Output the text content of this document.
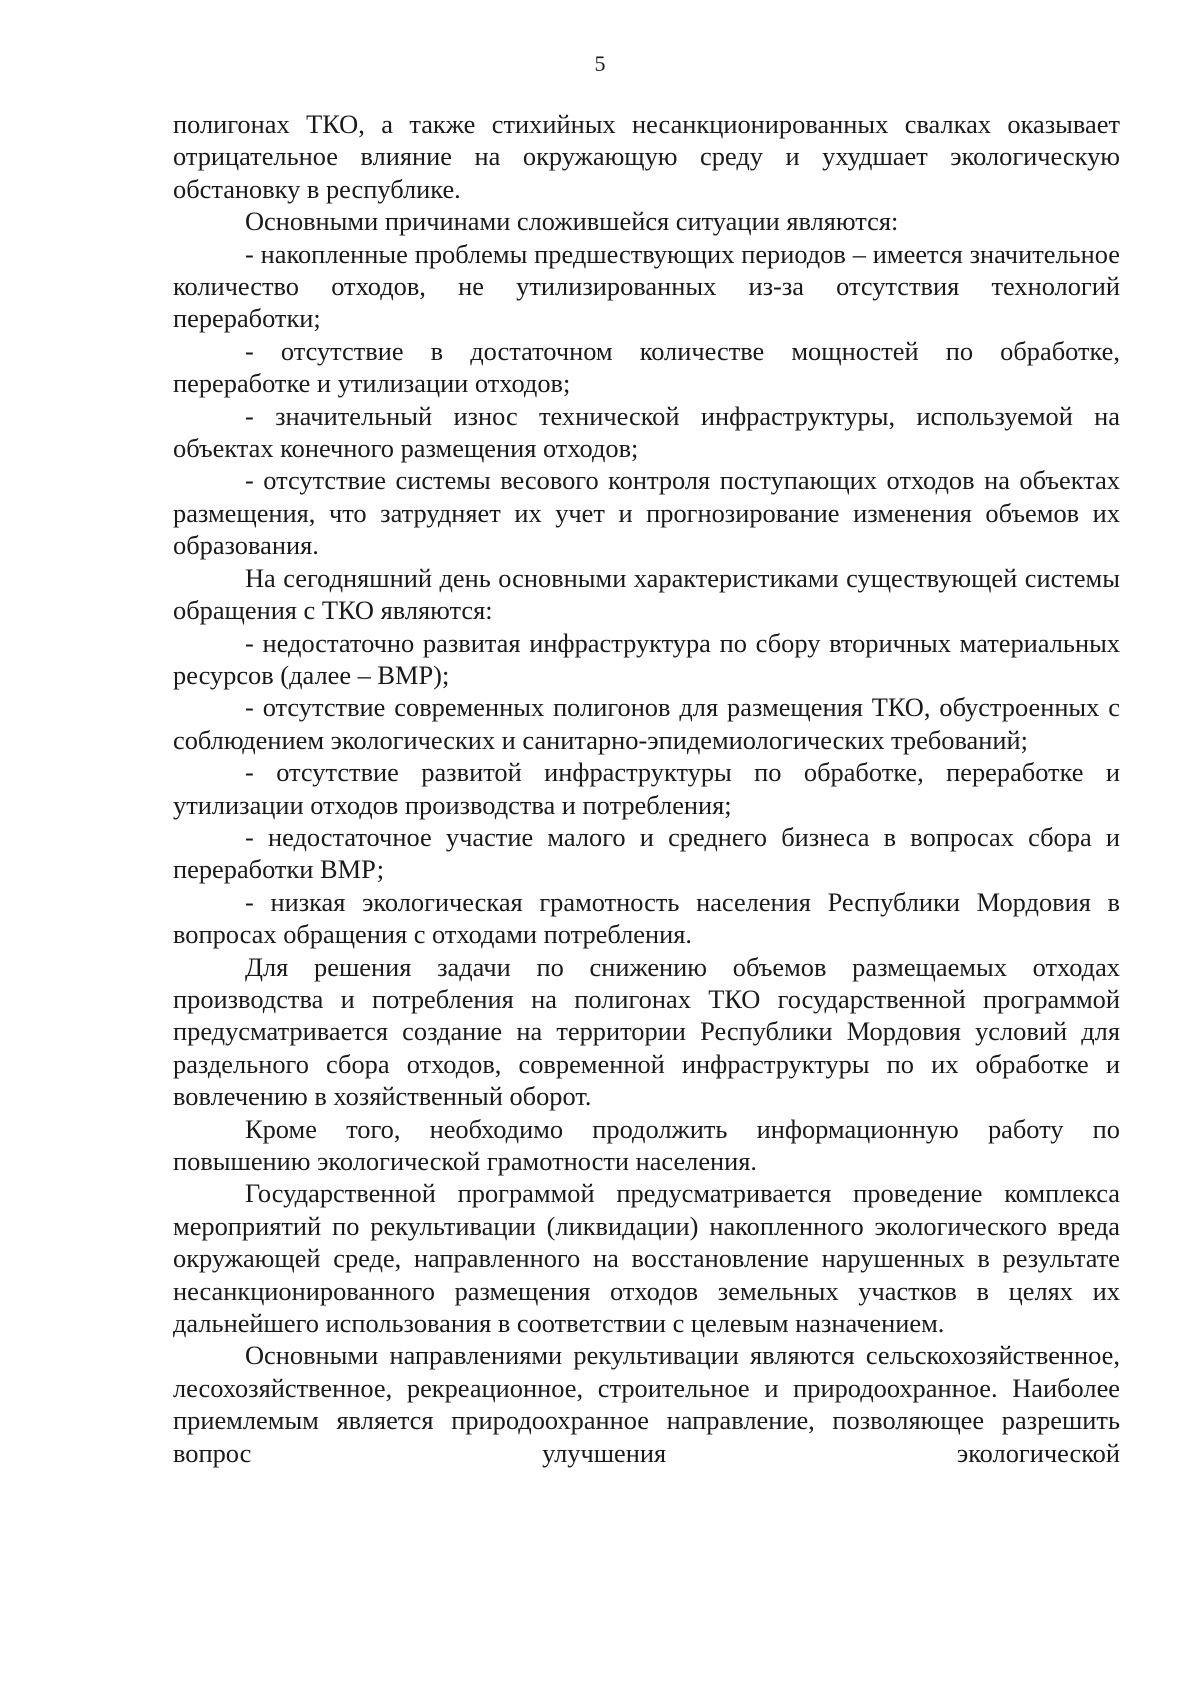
5

полигонах ТКО, а также стихийных несанкционированных свалках оказывает отрицательное влияние на окружающую среду и ухудшает экологическую обстановку в республике.

Основными причинами сложившейся ситуации являются:

- накопленные проблемы предшествующих периодов – имеется значительное количество отходов, не утилизированных из-за отсутствия технологий переработки;

- отсутствие в достаточном количестве мощностей по обработке, переработке и утилизации отходов;

- значительный износ технической инфраструктуры, используемой на объектах конечного размещения отходов;

- отсутствие системы весового контроля поступающих отходов на объектах размещения, что затрудняет их учет и прогнозирование изменения объемов их образования.

На сегодняшний день основными характеристиками существующей системы обращения с ТКО являются:

- недостаточно развитая инфраструктура по сбору вторичных материальных ресурсов (далее – ВМР);

- отсутствие современных полигонов для размещения ТКО, обустроенных с соблюдением экологических и санитарно-эпидемиологических требований;

- отсутствие развитой инфраструктуры по обработке, переработке и утилизации отходов производства и потребления;

- недостаточное участие малого и среднего бизнеса в вопросах сбора и переработки ВМР;

- низкая экологическая грамотность населения Республики Мордовия в вопросах обращения с отходами потребления.

Для решения задачи по снижению объемов размещаемых отходах производства и потребления на полигонах ТКО государственной программой предусматривается создание на территории Республики Мордовия условий для раздельного сбора отходов, современной инфраструктуры по их обработке и вовлечению в хозяйственный оборот.

Кроме того, необходимо продолжить информационную работу по повышению экологической грамотности населения.

Государственной программой предусматривается проведение комплекса мероприятий по рекультивации (ликвидации) накопленного экологического вреда окружающей среде, направленного на восстановление нарушенных в результате несанкционированного размещения отходов земельных участков в целях их дальнейшего использования в соответствии с целевым назначением.

Основными направлениями рекультивации являются сельскохозяйственное, лесохозяйственное, рекреационное, строительное и природоохранное. Наиболее приемлемым является природоохранное направление, позволяющее разрешить вопрос улучшения экологической
